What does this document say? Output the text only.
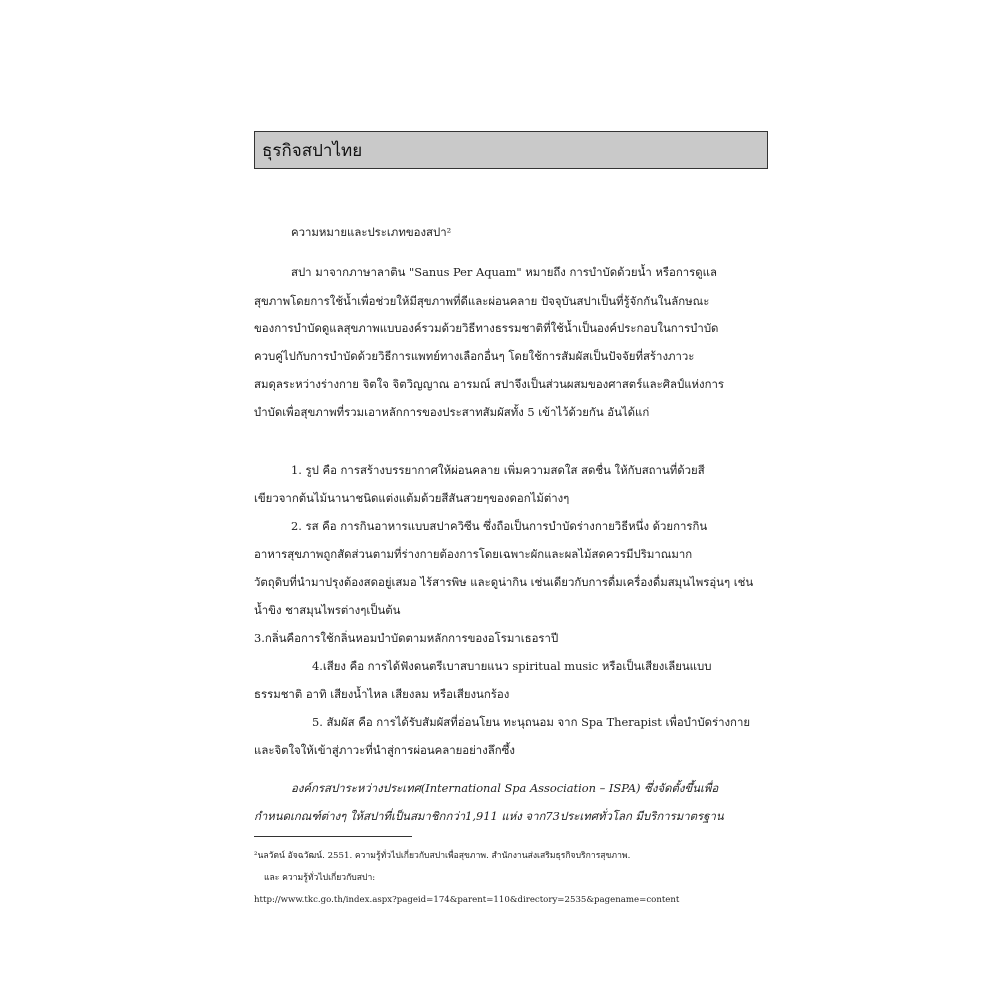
ธุรกิจสปาไทย
ความหมายและประเภทของสปา²
สปา มาจากภาษาลาติน "Sanus Per Aquam" หมายถึง การบำบัดด้วยน้ำ หรือการดูแล
สุขภาพโดยการใช้น้ำเพื่อช่วยให้มีสุขภาพที่ดีและผ่อนคลาย ปัจจุบันสปาเป็นที่รู้จักกันในลักษณะ
ของการบำบัดดูแลสุขภาพแบบองค์รวมด้วยวิธีทางธรรมชาติที่ใช้น้ำเป็นองค์ประกอบในการบำบัด
ควบคู่ไปกับการบำบัดด้วยวิธีการแพทย์ทางเลือกอื่นๆ โดยใช้การสัมผัสเป็นปัจจัยที่สร้างภาวะ
สมดุลระหว่างร่างกาย จิตใจ จิตวิญญาณ อารมณ์ สปาจึงเป็นส่วนผสมของศาสตร์และศิลป์แห่งการ
บำบัดเพื่อสุขภาพที่รวมเอาหลักการของประสาทสัมผัสทั้ง 5 เข้าไว้ด้วยกัน อันได้แก่
1. รูป คือ การสร้างบรรยากาศให้ผ่อนคลาย เพิ่มความสดใส สดชื่น ให้กับสถานที่ด้วยสี
เขียวจากต้นไม้นานาชนิดแต่งแต้มด้วยสีสันสวยๆของดอกไม้ต่างๆ
2. รส คือ การกินอาหารแบบสปาควิซีน ซึ่งถือเป็นการบำบัดร่างกายวิธีหนึ่ง ด้วยการกิน
อาหารสุขภาพถูกสัดส่วนตามที่ร่างกายต้องการโดยเฉพาะผักและผลไม้สดควรมีปริมาณมาก
วัตถุดิบที่นำมาปรุงต้องสดอยู่เสมอ ไร้สารพิษ และดูน่ากิน เช่นเดียวกับการดื่มเครื่องดื่มสมุนไพรอุ่นๆ เช่น
น้ำขิง ชาสมุนไพรต่างๆเป็นต้น
3.กลิ่นคือการใช้กลิ่นหอมบำบัดตามหลักการของอโรมาเธอราปี
4.เสียง คือ การได้ฟังดนตรีเบาสบายแนว spiritual music หรือเป็นเสียงเลียนแบบ
ธรรมชาติ อาทิ เสียงน้ำไหล เสียงลม หรือเสียงนกร้อง
5. สัมผัส คือ การได้รับสัมผัสที่อ่อนโยน ทะนุถนอม จาก Spa Therapist เพื่อบำบัดร่างกาย
และจิตใจให้เข้าสู่ภาวะที่นำสู่การผ่อนคลายอย่างลึกซึ้ง
องค์กรสปาระหว่างประเทศ(International Spa Association – ISPA) ซึ่งจัดตั้งขึ้นเพื่อ
กำหนดเกณฑ์ต่างๆ ให้สปาที่เป็นสมาชิกกว่า1,911 แห่ง จาก73ประเทศทั่วโลก มีบริการมาตรฐาน
²นลวัตน์ อัจฉวัฒน์. 2551. ความรู้ทั่วไปเกี่ยวกับสปาเพื่อสุขภาพ. สำนักงานส่งเสริมธุรกิจบริการสุขภาพ.
และ ความรู้ทั่วไปเกี่ยวกับสปา:
http://www.tkc.go.th/index.aspx?pageid=174&parent=110&directory=2535&pagename=content
